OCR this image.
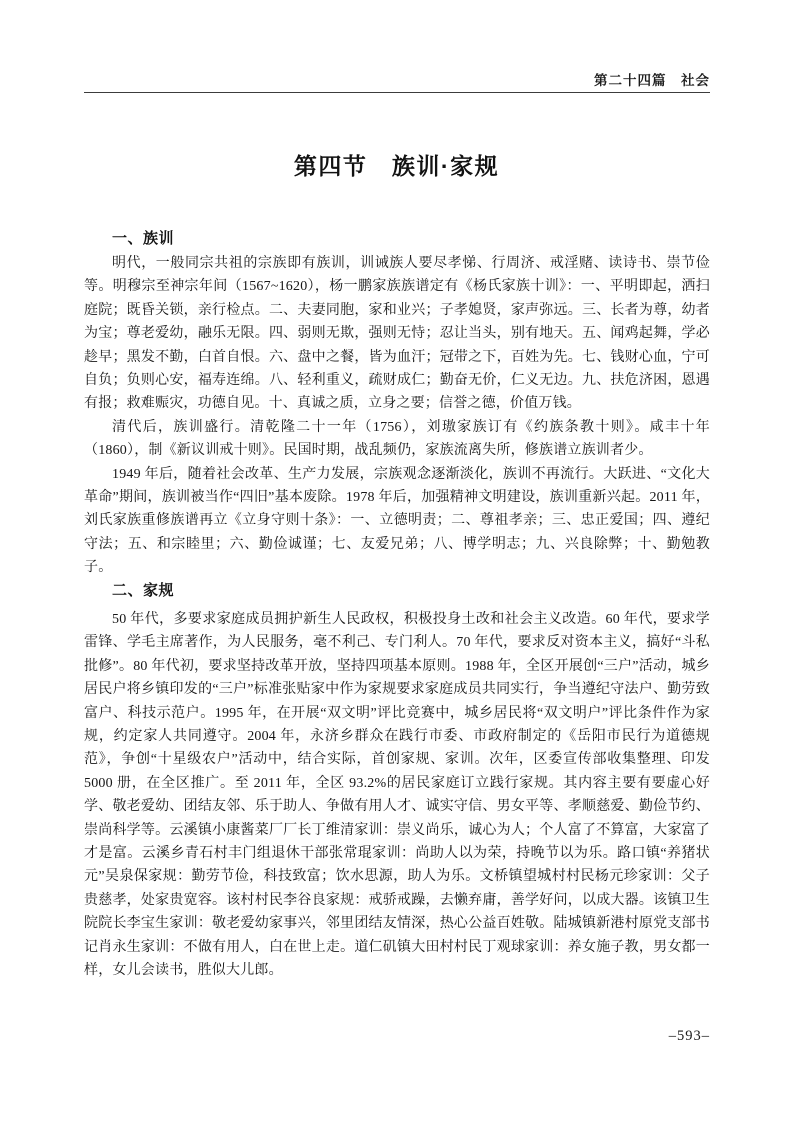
第二十四篇　社会
第四节　族训·家规
一、族训

明代，一般同宗共祖的宗族即有族训，训诫族人要尽孝悌、行周济、戒淫赌、读诗书、崇节俭等。明穆宗至神宗年间（1567~1620），杨一鹏家族族谱定有《杨氏家族十训》：一、平明即起，洒扫庭院；既昏关锁，亲行检点。二、夫妻同胞，家和业兴；子孝媳贤，家声弥远。三、长者为尊，幼者为宝；尊老爱幼，融乐无限。四、弱则无欺，强则无恃；忍让当头，别有地天。五、闻鸡起舞，学必趁早；黑发不勤，白首自恨。六、盘中之餐，皆为血汗；冠带之下，百姓为先。七、钱财心血，宁可自负；负则心安，福寿连绵。八、轻利重义，疏财成仁；勤奋无价，仁义无边。九、扶危济困，恩遇有报；救难赈灾，功德自见。十、真诚之质，立身之要；信誉之德，价值万钱。

清代后，族训盛行。清乾隆二十一年（1756），刘璈家族订有《约族条教十则》。咸丰十年（1860），制《新议训戒十则》。民国时期，战乱频仍，家族流离失所，修族谱立族训者少。

1949 年后，随着社会改革、生产力发展，宗族观念逐渐淡化，族训不再流行。大跃进、“文化大革命”期间，族训被当作“四旧”基本废除。1978 年后，加强精神文明建设，族训重新兴起。2011 年，刘氏家族重修族谱再立《立身守则十条》：一、立德明责；二、尊祖孝亲；三、忠正爱国；四、遵纪守法；五、和宗睦里；六、勤俭诚谨；七、友爱兄弟；八、博学明志；九、兴良除弊；十、勤勉教子。

二、家规

50 年代，多要求家庭成员拥护新生人民政权，积极投身土改和社会主义改造。60 年代，要求学雷锋、学毛主席著作，为人民服务，毫不利己、专门利人。70 年代，要求反对资本主义，搞好“斗私批修”。80 年代初，要求坚持改革开放，坚持四项基本原则。1988 年，全区开展创“三户”活动，城乡居民户将乡镇印发的“三户”标准张贴家中作为家规要求家庭成员共同实行，争当遵纪守法户、勤劳致富户、科技示范户。1995 年，在开展“双文明”评比竞赛中，城乡居民将“双文明户”评比条件作为家规，约定家人共同遵守。2004 年，永济乡群众在践行市委、市政府制定的《岳阳市民行为道德规范》，争创“十星级农户”活动中，结合实际，首创家规、家训。次年，区委宣传部收集整理、印发 5000 册，在全区推广。至 2011 年，全区 93.2%的居民家庭订立践行家规。其内容主要有要虚心好学、敬老爱幼、团结友邻、乐于助人、争做有用人才、诚实守信、男女平等、孝顺慈爱、勤俭节约、崇尚科学等。云溪镇小康酱菜厂厂长丁维清家训：崇义尚乐，诚心为人；个人富了不算富，大家富了才是富。云溪乡青石村丰门组退休干部张常琨家训：尚助人以为荣，持晚节以为乐。路口镇“养猪状元”吴泉保家规：勤劳节俭，科技致富；饮水思源，助人为乐。文桥镇望城村村民杨元珍家训：父子贵慈孝，处家贵宽容。该村村民李谷良家规：戒骄戒躁，去懒弃庸，善学好问，以成大器。该镇卫生院院长李宝生家训：敬老爱幼家事兴，邻里团结友情深，热心公益百姓敬。陆城镇新港村原党支部书记肖永生家训：不做有用人，白在世上走。道仁矶镇大田村村民丁观球家训：养女施子教，男女都一样，女儿会读书，胜似大儿郎。

–593–
